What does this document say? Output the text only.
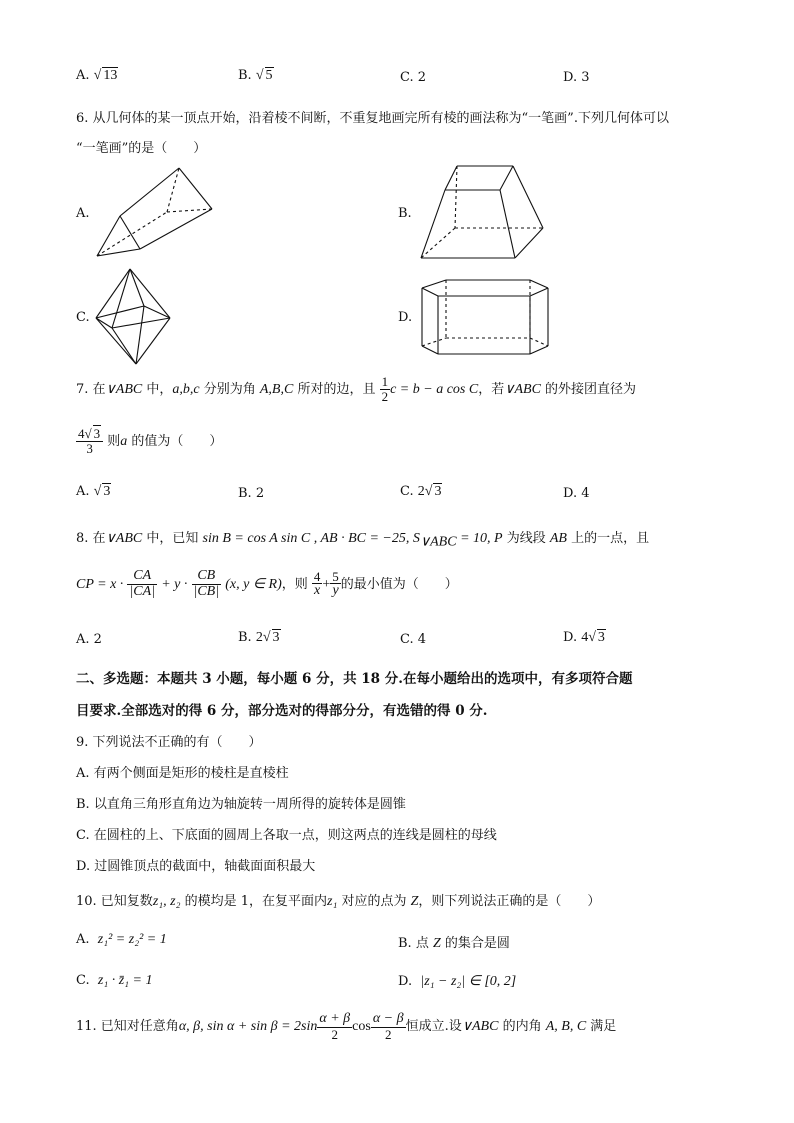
A. √ 13	B. √ 5	C. 2	D. 3
6. 从几何体的某一顶点开始，沿着棱不间断，不重复地画完所有棱的画法称为“一笔画”.下列几何体可以
“一笔画”的是（　　）
A.	B.
C.	D.
7. 在∨ABC 中，a,b,c 分别为角 A,B,C 所对的边，且 $\frac{1}{2}$ c = b − a cos C，若∨ABC 的外接团直径为
$\frac{4√ 3}{3}$ 则a 的值为（　　）
A. √ 3	B. 2	C. 2√ 3	D. 4
8. 在∨ABC 中，已知 sin B = cos A sin C , AB · BC = −25, $S_{\vee ABC} = 10$, P 为线段 AB 上的一点，且
CP = $x \cdot \frac{CA}{|CA|} + y \cdot \frac{CB}{|CB|} (x$, y ∈ R)，则 $\frac{4}{x} + \frac{5}{y}$ 的最小值为（　　）
A. 2	B. 2√ 3	C. 4	D. 4√ 3
二、多选题：本题共 3 小题，每小题 6 分，共 18 分.在每小题给出的选项中，有多项符合题
目要求.全部选对的得 6 分，部分选对的得部分分，有选错的得 0 分.
9. 下列说法不正确的有（　　）
A. 有两个侧面是矩形的棱柱是直棱柱
B. 以直角三角形直角边为轴旋转一周所得的旋转体是圆锥
C. 在圆柱的上、下底面的圆周上各取一点，则这两点的连线是圆柱的母线
D. 过圆锥顶点的截面中，轴截面面积最大
10. 已知复数z₁, z₂ 的模均是 1，在复平面内z₁ 对应的点为 Z，则下列说法正确的是（　　）
A. z₁² = z₂² = 1	B. 点 Z 的集合是圆
C. z₁ · z̄₁ = 1	D. |z₁ − z₂| ∈ [0, 2]
11. 已知对任意角α, β, $\sin \alpha + \sin \beta = 2\sin \frac{\alpha + \beta}{2}$ $\cos \frac{\alpha - \beta}{2}$ 恒成立.设∨ABC 的内角 A, B, C 满足
